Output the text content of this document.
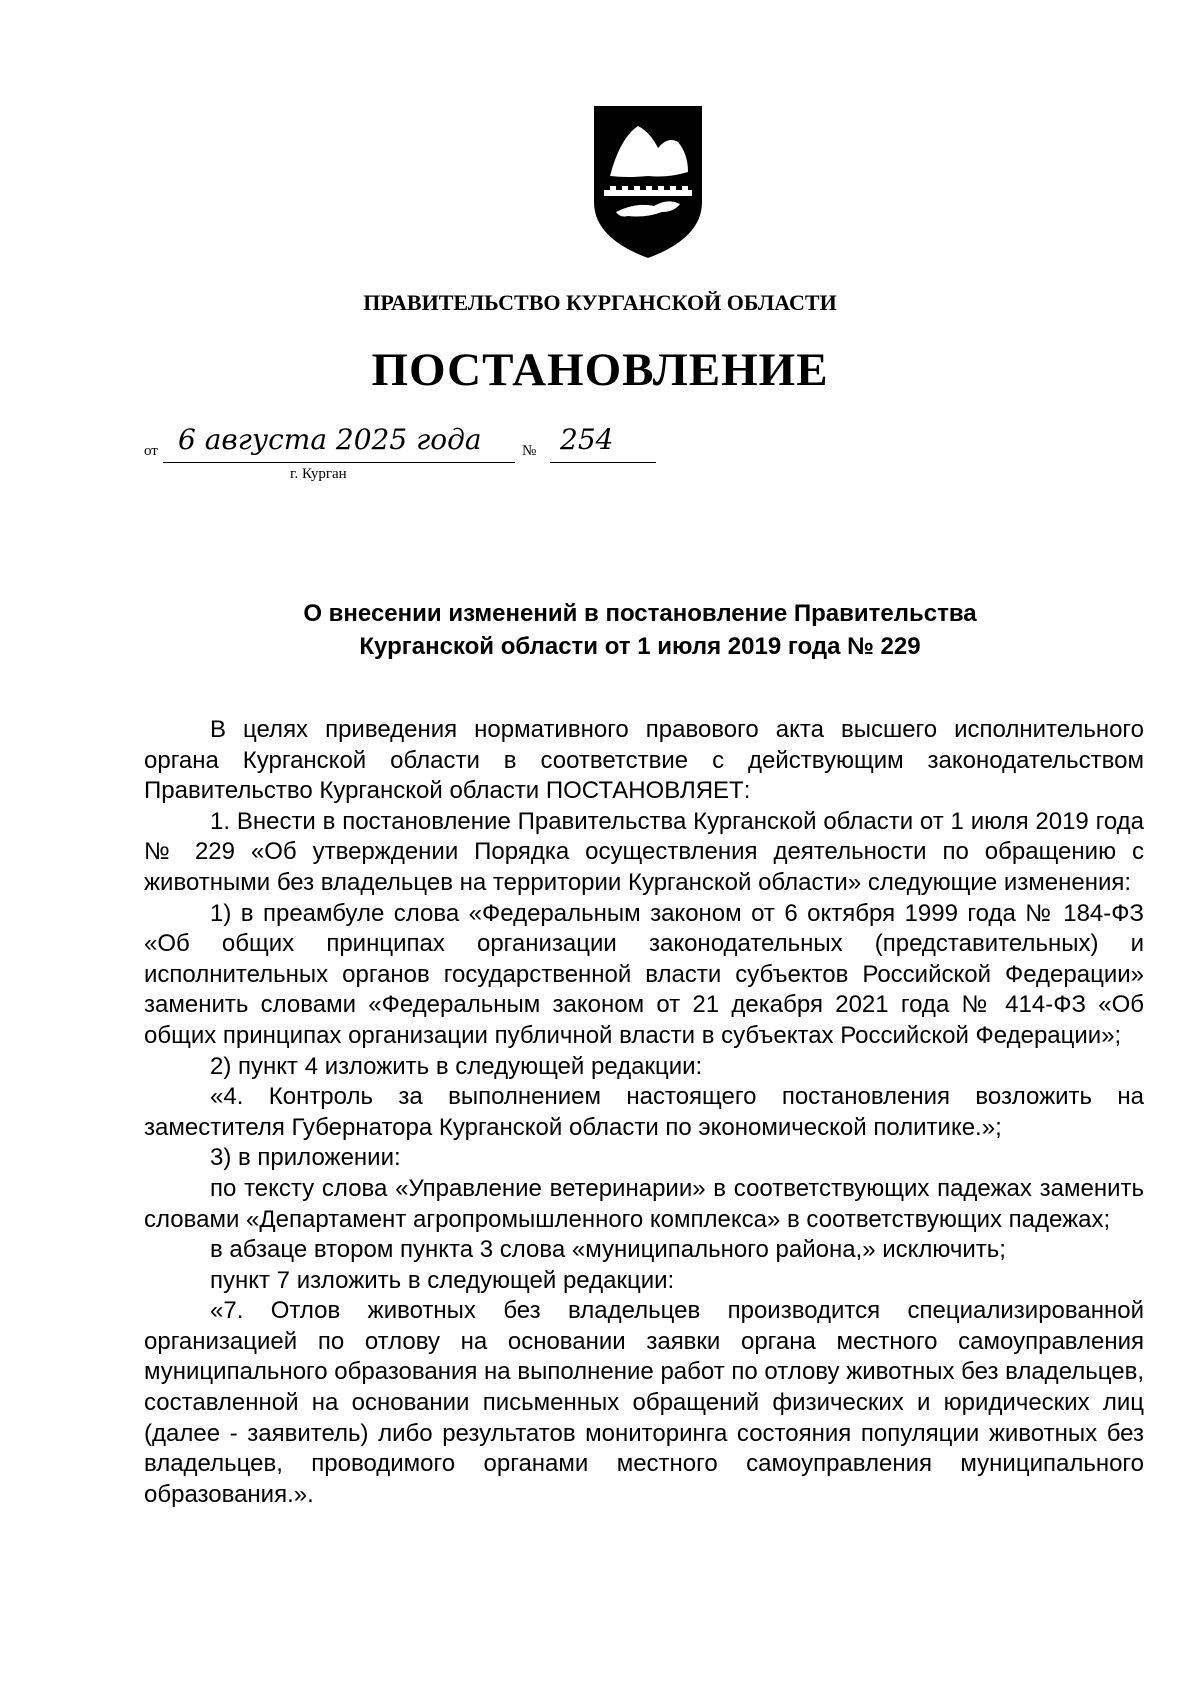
ПРАВИТЕЛЬСТВО КУРГАНСКОЙ ОБЛАСТИ
ПОСТАНОВЛЕНИЕ
от 6 августа 2025 года	№ 254
г. Курган
О внесении изменений в постановление Правительства
Курганской области от 1 июля 2019 года № 229

В целях приведения нормативного правового акта высшего исполнительного органа Курганской области в соответствие с действующим законодательством Правительство Курганской области ПОСТАНОВЛЯЕТ:

1. Внести в постановление Правительства Курганской области от 1 июля 2019 года № 229 «Об утверждении Порядка осуществления деятельности по обращению с животными без владельцев на территории Курганской области» следующие изменения:

1) в преамбуле слова «Федеральным законом от 6 октября 1999 года № 184-ФЗ «Об общих принципах организации законодательных (представительных) и исполнительных органов государственной власти субъектов Российской Федерации» заменить словами «Федеральным законом от 21 декабря 2021 года № 414-ФЗ «Об общих принципах организации публичной власти в субъектах Российской Федерации»;

2) пункт 4 изложить в следующей редакции:

«4. Контроль за выполнением настоящего постановления возложить на заместителя Губернатора Курганской области по экономической политике.»;

3) в приложении:

по тексту слова «Управление ветеринарии» в соответствующих падежах заменить словами «Департамент агропромышленного комплекса» в соответствующих падежах;

в абзаце втором пункта 3 слова «муниципального района,» исключить;

пункт 7 изложить в следующей редакции:

«7. Отлов животных без владельцев производится специализированной организацией по отлову на основании заявки органа местного самоуправления муниципального образования на выполнение работ по отлову животных без владельцев, составленной на основании письменных обращений физических и юридических лиц (далее - заявитель) либо результатов мониторинга состояния популяции животных без владельцев, проводимого органами местного самоуправления муниципального образования.».
